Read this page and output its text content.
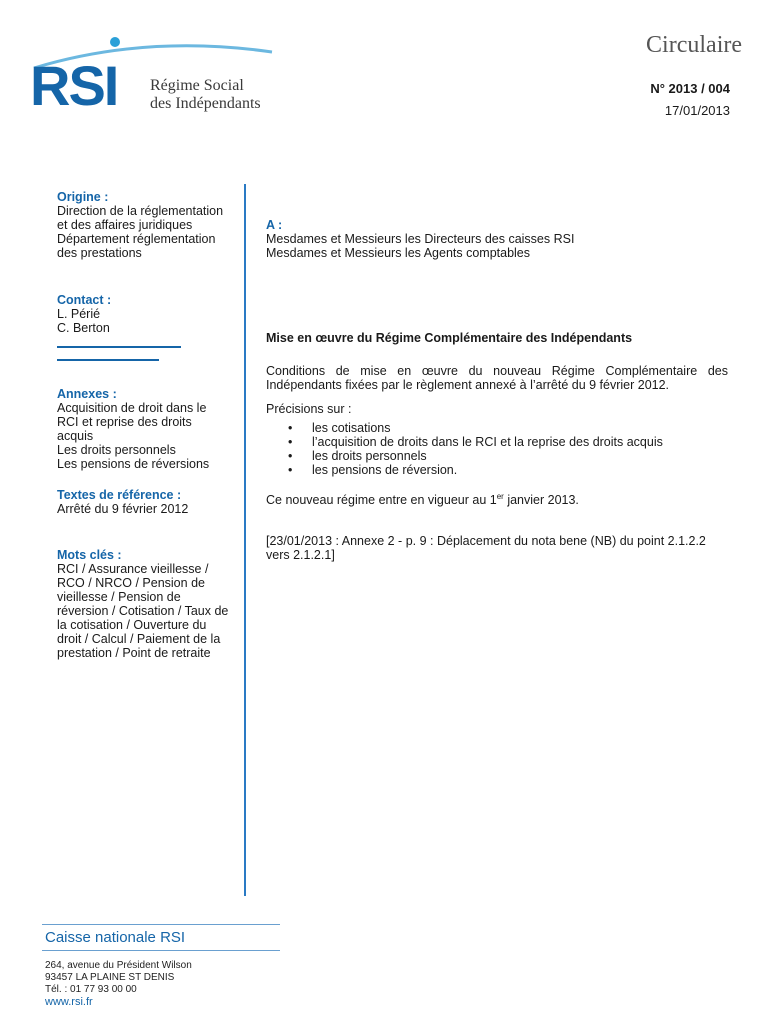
RSI Régime Social
des Indépendants
Circulaire
N° 2013 / 004
17/01/2013
Origine :
Direction de la réglementation
et des affaires juridiques
Département réglementation
des prestations
Contact :
L. Périé
C. Berton
Annexes :
Acquisition de droit dans le
RCI et reprise des droits
acquis
Les droits personnels
Les pensions de réversions
Textes de référence :
Arrêté du 9 février 2012
Mots clés :
RCI / Assurance vieillesse /
RCO / NRCO / Pension de
vieillesse / Pension de
réversion / Cotisation / Taux de
la cotisation / Ouverture du
droit / Calcul / Paiement de la
prestation / Point de retraite
A :
Mesdames et Messieurs les Directeurs des caisses RSI
Mesdames et Messieurs les Agents comptables
Mise en œuvre du Régime Complémentaire des Indépendants
Conditions de mise en œuvre du nouveau Régime Complémentaire des
Indépendants fixées par le règlement annexé à l’arrêté du 9 février 2012.
Précisions sur :
• les cotisations
• l’acquisition de droits dans le RCI et la reprise des droits acquis
• les droits personnels
• les pensions de réversion.
Ce nouveau régime entre en vigueur au 1er janvier 2013.
[23/01/2013 : Annexe 2 - p. 9 : Déplacement du nota bene (NB) du point 2.1.2.2
vers 2.1.2.1]
Caisse nationale RSI
264, avenue du Président Wilson
93457 LA PLAINE ST DENIS
Tél. : 01 77 93 00 00
www.rsi.fr
